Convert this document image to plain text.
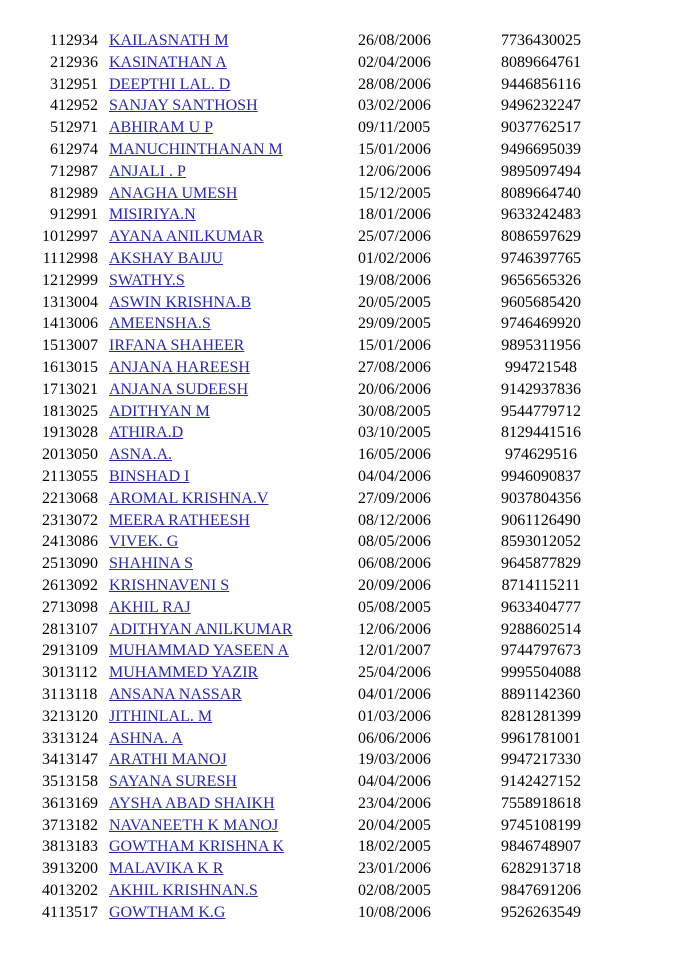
1	12934	KAILASNATH M	26/08/2006	7736430025
2	12936	KASINATHAN A	02/04/2006	8089664761
3	12951	DEEPTHI LAL. D	28/08/2006	9446856116
4	12952	SANJAY SANTHOSH	03/02/2006	9496232247
5	12971	ABHIRAM U P	09/11/2005	9037762517
6	12974	MANUCHINTHANAN M	15/01/2006	9496695039
7	12987	ANJALI . P	12/06/2006	9895097494
8	12989	ANAGHA UMESH	15/12/2005	8089664740
9	12991	MISIRIYA.N	18/01/2006	9633242483
10	12997	AYANA ANILKUMAR	25/07/2006	8086597629
11	12998	AKSHAY BAIJU	01/02/2006	9746397765
12	12999	SWATHY.S	19/08/2006	9656565326
13	13004	ASWIN KRISHNA.B	20/05/2005	9605685420
14	13006	AMEENSHA.S	29/09/2005	9746469920
15	13007	IRFANA SHAHEER	15/01/2006	9895311956
16	13015	ANJANA HAREESH	27/08/2006	994721548
17	13021	ANJANA SUDEESH	20/06/2006	9142937836
18	13025	ADITHYAN M	30/08/2005	9544779712
19	13028	ATHIRA.D	03/10/2005	8129441516
20	13050	ASNA.A.	16/05/2006	974629516
21	13055	BINSHAD I	04/04/2006	9946090837
22	13068	AROMAL KRISHNA.V	27/09/2006	9037804356
23	13072	MEERA RATHEESH	08/12/2006	9061126490
24	13086	VIVEK. G	08/05/2006	8593012052
25	13090	SHAHINA S	06/08/2006	9645877829
26	13092	KRISHNAVENI S	20/09/2006	8714115211
27	13098	AKHIL RAJ	05/08/2005	9633404777
28	13107	ADITHYAN ANILKUMAR	12/06/2006	9288602514
29	13109	MUHAMMAD YASEEN A	12/01/2007	9744797673
30	13112	MUHAMMED YAZIR	25/04/2006	9995504088
31	13118	ANSANA NASSAR	04/01/2006	8891142360
32	13120	JITHINLAL. M	01/03/2006	8281281399
33	13124	ASHNA. A	06/06/2006	9961781001
34	13147	ARATHI MANOJ	19/03/2006	9947217330
35	13158	SAYANA SURESH	04/04/2006	9142427152
36	13169	AYSHA ABAD SHAIKH	23/04/2006	7558918618
37	13182	NAVANEETH K MANOJ	20/04/2005	9745108199
38	13183	GOWTHAM KRISHNA K	18/02/2005	9846748907
39	13200	MALAVIKA K R	23/01/2006	6282913718
40	13202	AKHIL KRISHNAN.S	02/08/2005	9847691206
41	13517	GOWTHAM K.G	10/08/2006	9526263549
